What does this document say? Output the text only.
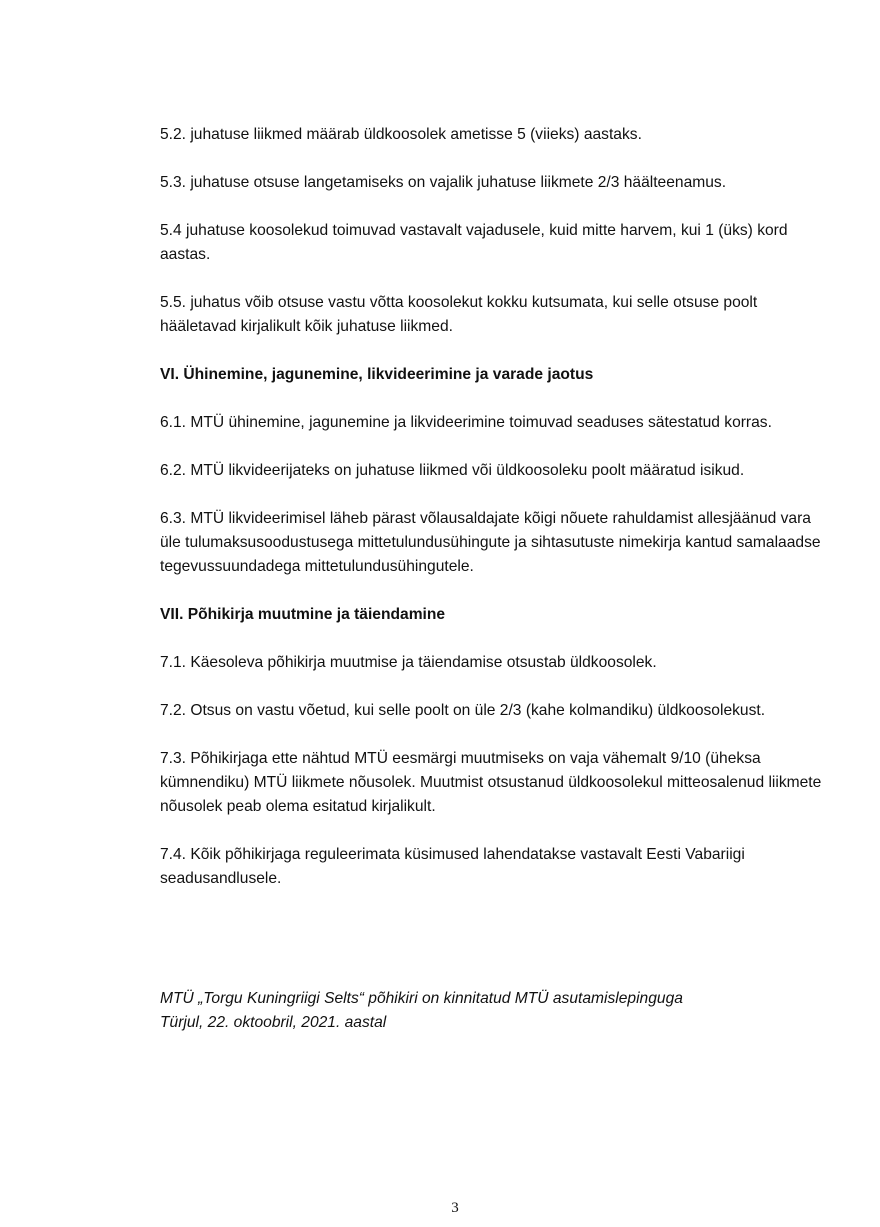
5.2. juhatuse liikmed määrab üldkoosolek ametisse 5 (viieks) aastaks.

5.3. juhatuse otsuse langetamiseks on vajalik juhatuse liikmete 2/3 häälteenamus.

5.4 juhatuse koosolekud toimuvad vastavalt vajadusele, kuid mitte harvem, kui 1 (üks) kord aastas.

5.5. juhatus võib otsuse vastu võtta koosolekut kokku kutsumata, kui selle otsuse poolt hääletavad kirjalikult kõik juhatuse liikmed.

VI. Ühinemine, jagunemine, likvideerimine ja varade jaotus

6.1. MTÜ ühinemine, jagunemine ja likvideerimine toimuvad seaduses sätestatud korras.

6.2. MTÜ likvideerijateks on juhatuse liikmed või üldkoosoleku poolt määratud isikud.

6.3. MTÜ likvideerimisel läheb pärast võlausaldajate kõigi nõuete rahuldamist allesjäänud vara üle tulumaksusoodustusega mittetulundusühingute ja sihtasutuste nimekirja kantud samalaadse tegevussuundadega mittetulundusühingutele.

VII. Põhikirja muutmine ja täiendamine

7.1. Käesoleva põhikirja muutmise ja täiendamise otsustab üldkoosolek.

7.2. Otsus on vastu võetud, kui selle poolt on üle 2/3 (kahe kolmandiku) üldkoosolekust.

7.3. Põhikirjaga ette nähtud MTÜ eesmärgi muutmiseks on vaja vähemalt 9/10 (üheksa kümnendiku) MTÜ liikmete nõusolek. Muutmist otsustanud üldkoosolekul mitteosalenud liikmete nõusolek peab olema esitatud kirjalikult.

7.4. Kõik põhikirjaga reguleerimata küsimused lahendatakse vastavalt Eesti Vabariigi seadusandlusele.

MTÜ „Torgu Kuningriigi Selts“ põhikiri on kinnitatud MTÜ asutamislepinguga
Türjul, 22. oktoobril, 2021. aastal
3
